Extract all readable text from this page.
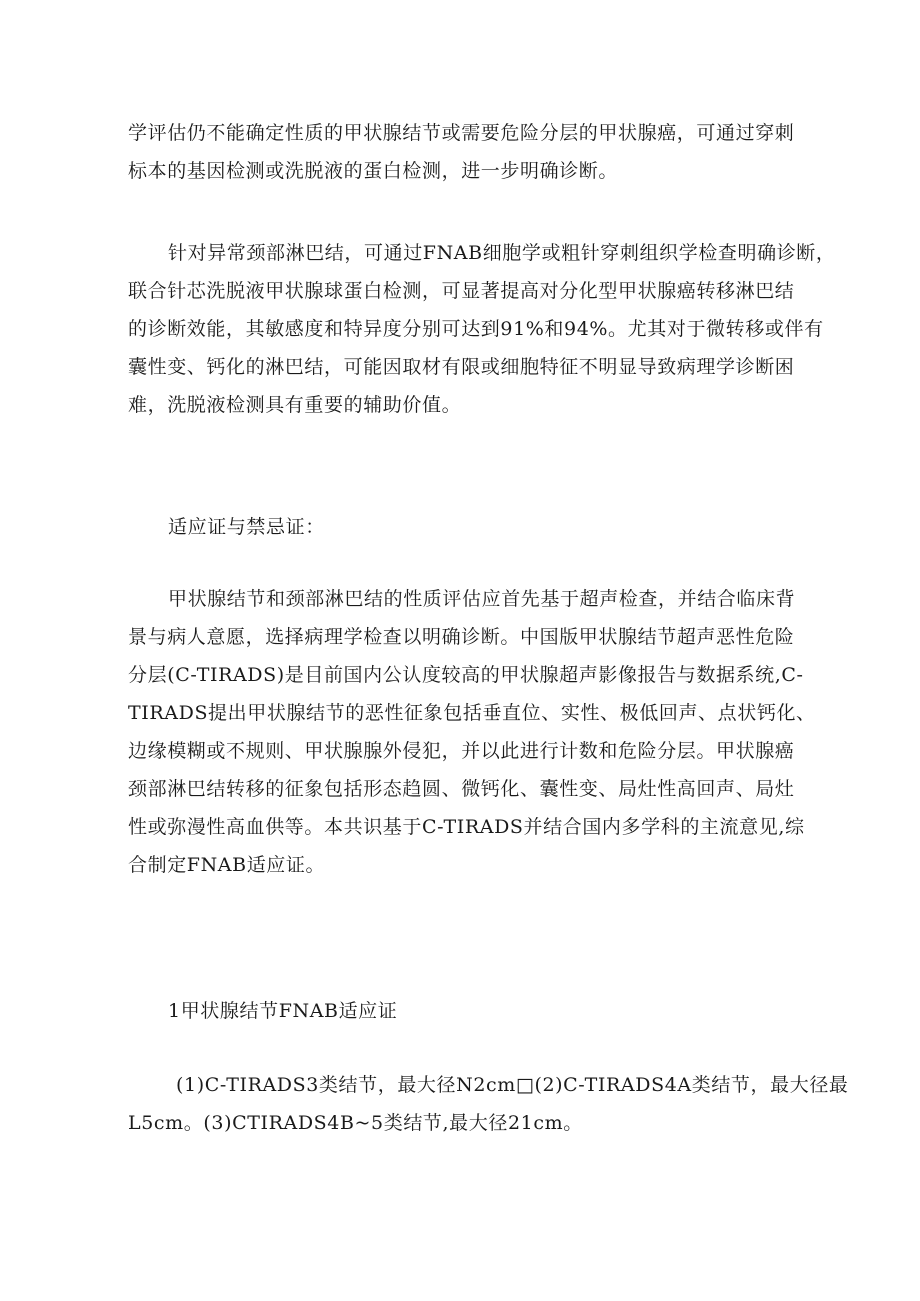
学评估仍不能确定性质的甲状腺结节或需要危险分层的甲状腺癌，可通过穿刺
标本的基因检测或洗脱液的蛋白检测，进一步明确诊断。
针对异常颈部淋巴结，可通过FNAB细胞学或粗针穿刺组织学检查明确诊断，
联合针芯洗脱液甲状腺球蛋白检测，可显著提高对分化型甲状腺癌转移淋巴结
的诊断效能，其敏感度和特异度分别可达到91%和94%。尤其对于微转移或伴有
囊性变、钙化的淋巴结，可能因取材有限或细胞特征不明显导致病理学诊断困
难，洗脱液检测具有重要的辅助价值。
适应证与禁忌证：
甲状腺结节和颈部淋巴结的性质评估应首先基于超声检查，并结合临床背
景与病人意愿，选择病理学检查以明确诊断。中国版甲状腺结节超声恶性危险
分层(C-TIRADS)是目前国内公认度较高的甲状腺超声影像报告与数据系统,C-
TIRADS提出甲状腺结节的恶性征象包括垂直位、实性、极低回声、点状钙化、
边缘模糊或不规则、甲状腺腺外侵犯，并以此进行计数和危险分层。甲状腺癌
颈部淋巴结转移的征象包括形态趋圆、微钙化、囊性变、局灶性高回声、局灶
性或弥漫性高血供等。本共识基于C-TIRADS并结合国内多学科的主流意见,综
合制定FNAB适应证。
1甲状腺结节FNAB适应证
(1)C-TIRADS3类结节，最大径N2cm□(2)C-TIRADS4A类结节，最大径最
L5cm。(3)CTIRADS4B~5类结节,最大径21cm。
